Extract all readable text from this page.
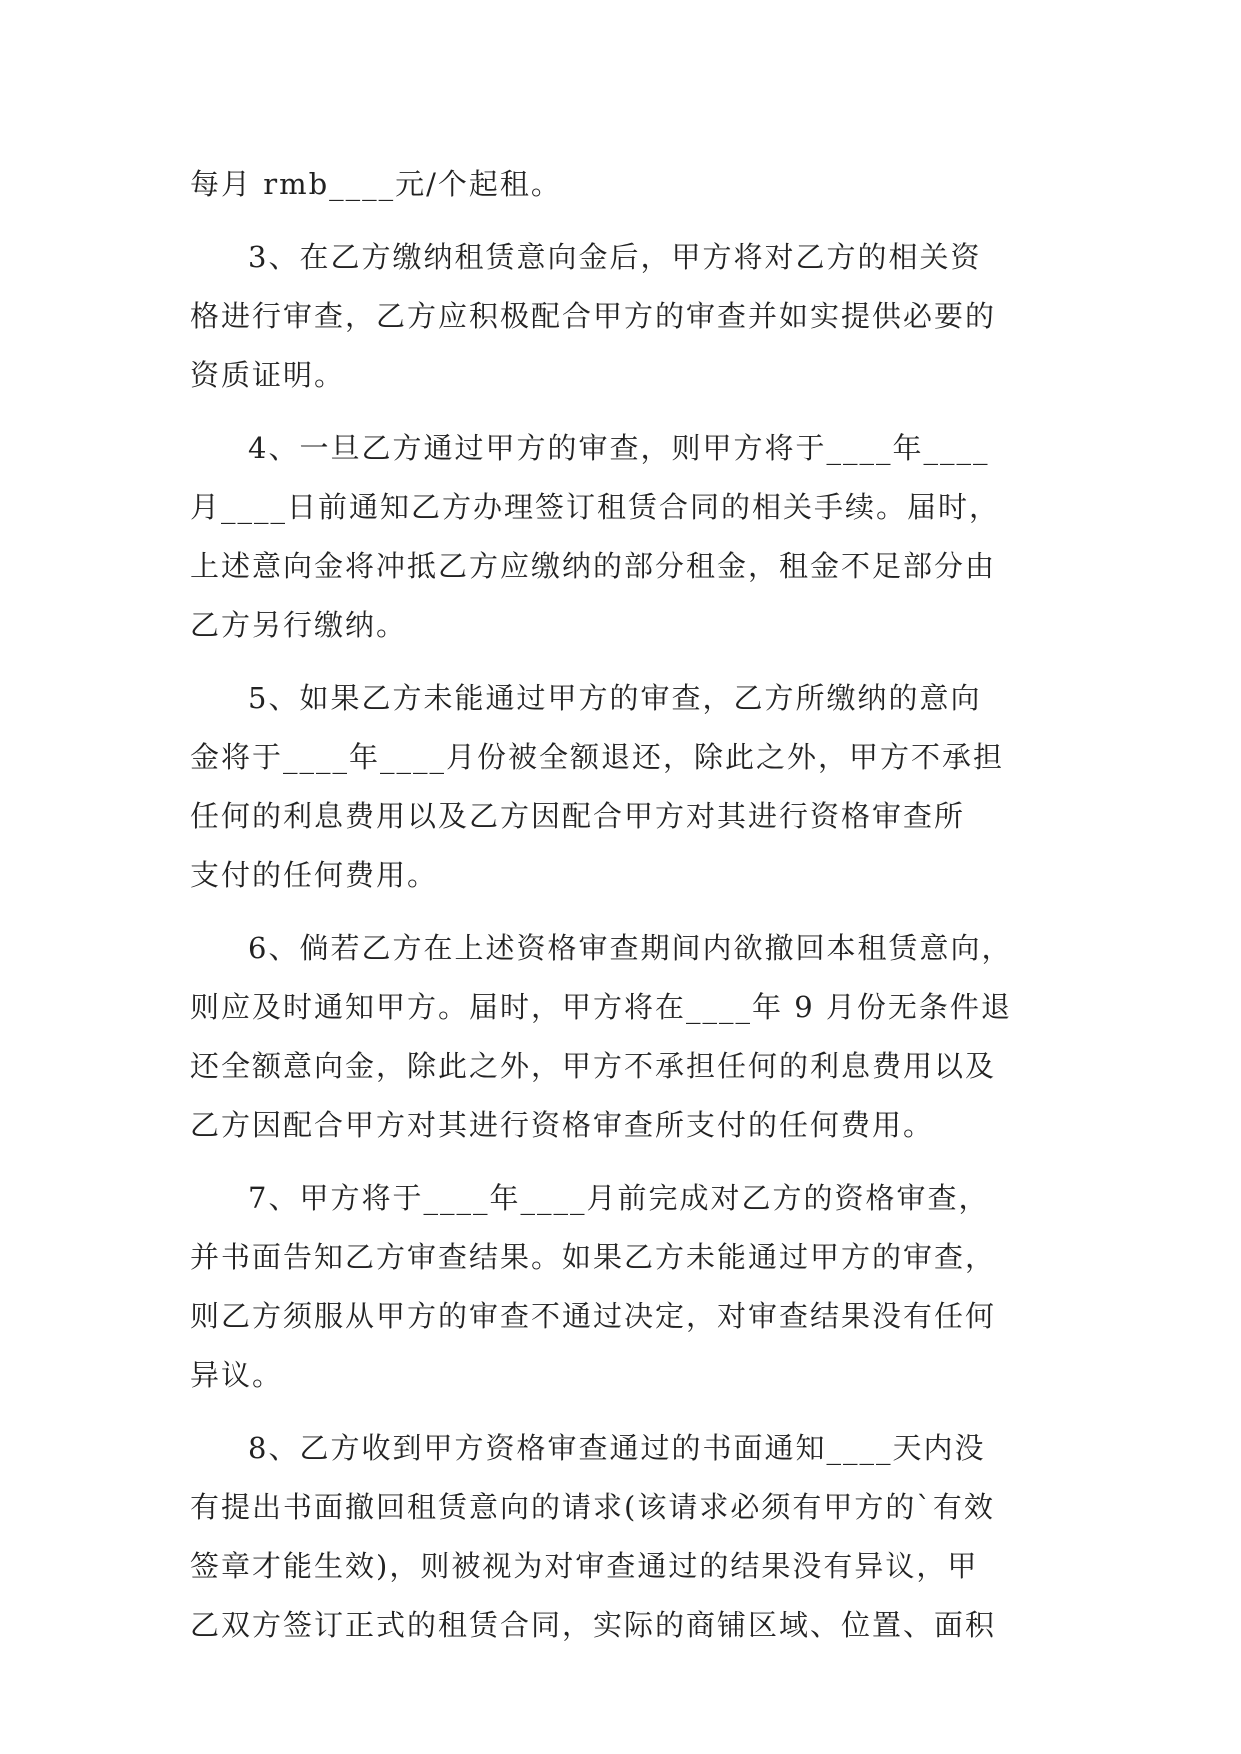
每月 rmb____元/个起租。
3、在乙方缴纳租赁意向金后，甲方将对乙方的相关资
格进行审查，乙方应积极配合甲方的审查并如实提供必要的
资质证明。
4、一旦乙方通过甲方的审查，则甲方将于____年____
月____日前通知乙方办理签订租赁合同的相关手续。届时，
上述意向金将冲抵乙方应缴纳的部分租金，租金不足部分由
乙方另行缴纳。
5、如果乙方未能通过甲方的审查，乙方所缴纳的意向
金将于____年____月份被全额退还，除此之外，甲方不承担
任何的利息费用以及乙方因配合甲方对其进行资格审查所
支付的任何费用。
6、倘若乙方在上述资格审查期间内欲撤回本租赁意向，
则应及时通知甲方。届时，甲方将在____年 9 月份无条件退
还全额意向金，除此之外，甲方不承担任何的利息费用以及
乙方因配合甲方对其进行资格审查所支付的任何费用。
7、甲方将于____年____月前完成对乙方的资格审查，
并书面告知乙方审查结果。如果乙方未能通过甲方的审查，
则乙方须服从甲方的审查不通过决定，对审查结果没有任何
异议。
8、乙方收到甲方资格审查通过的书面通知____天内没
有提出书面撤回租赁意向的请求(该请求必须有甲方的`有效
签章才能生效)，则被视为对审查通过的结果没有异议，甲
乙双方签订正式的租赁合同，实际的商铺区域、位置、面积
